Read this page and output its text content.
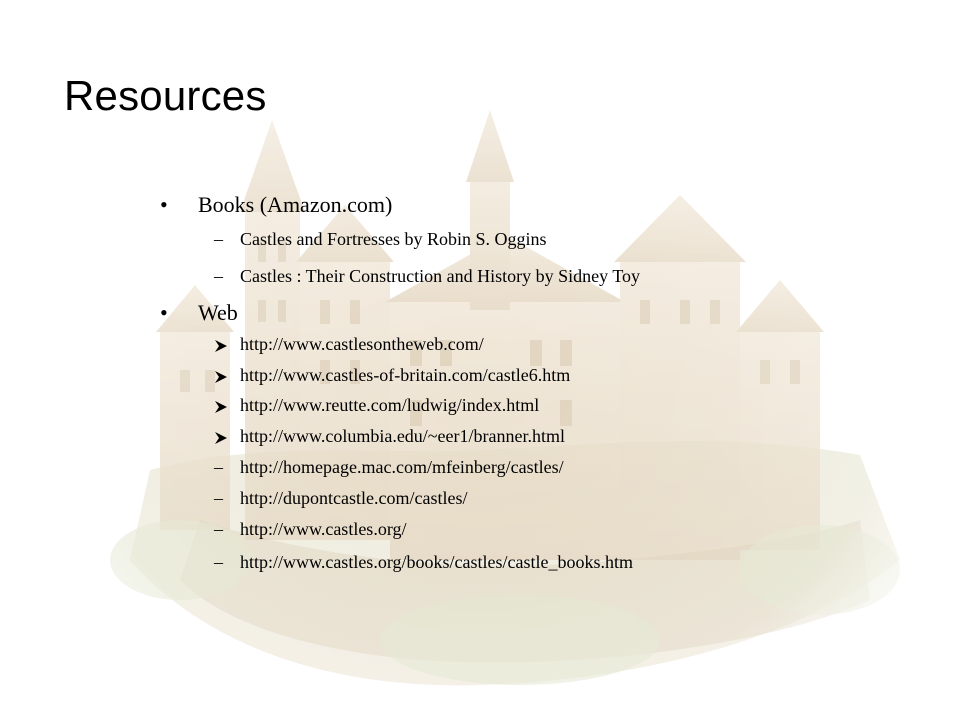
Resources
• Books (Amazon.com)
– Castles and Fortresses by Robin S. Oggins
– Castles : Their Construction and History by Sidney Toy
• Web
http://www.castlesontheweb.com/
http://www.castles-of-britain.com/castle6.htm
http://www.reutte.com/ludwig/index.html
http://www.columbia.edu/~eer1/branner.html
– http://homepage.mac.com/mfeinberg/castles/
– http://dupontcastle.com/castles/
– http://www.castles.org/
– http://www.castles.org/books/castles/castle_books.htm
